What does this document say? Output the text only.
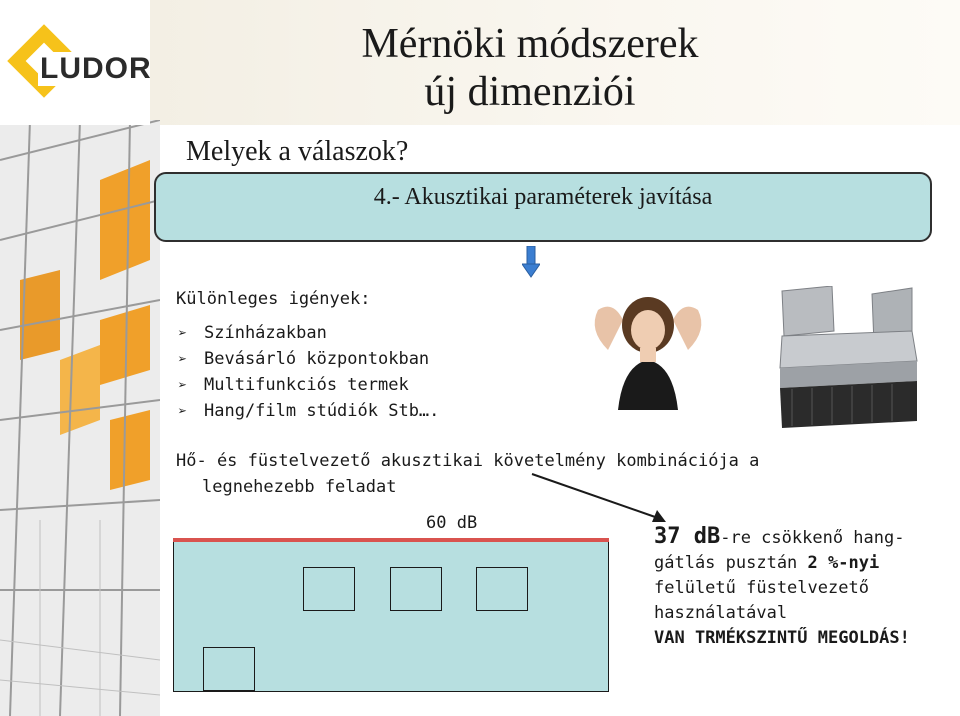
LUDOR
Mérnöki módszerek
új dimenziói
Melyek a válaszok?
4.- Akusztikai paraméterek javítása
Különleges igények:
➢ Színházakban
➢ Bevásárló központokban
➢ Multifunkciós termek
➢ Hang/film stúdiók Stb….
Hő- és füstelvezető akusztikai követelmény kombinációja a
legnehezebb feladat
60 dB
37 dB-re csökkenő hang-
gátlás pusztán 2 %-nyi
felületű füstelvezető
használatával
VAN TRMÉKSZINTŰ MEGOLDÁS!
